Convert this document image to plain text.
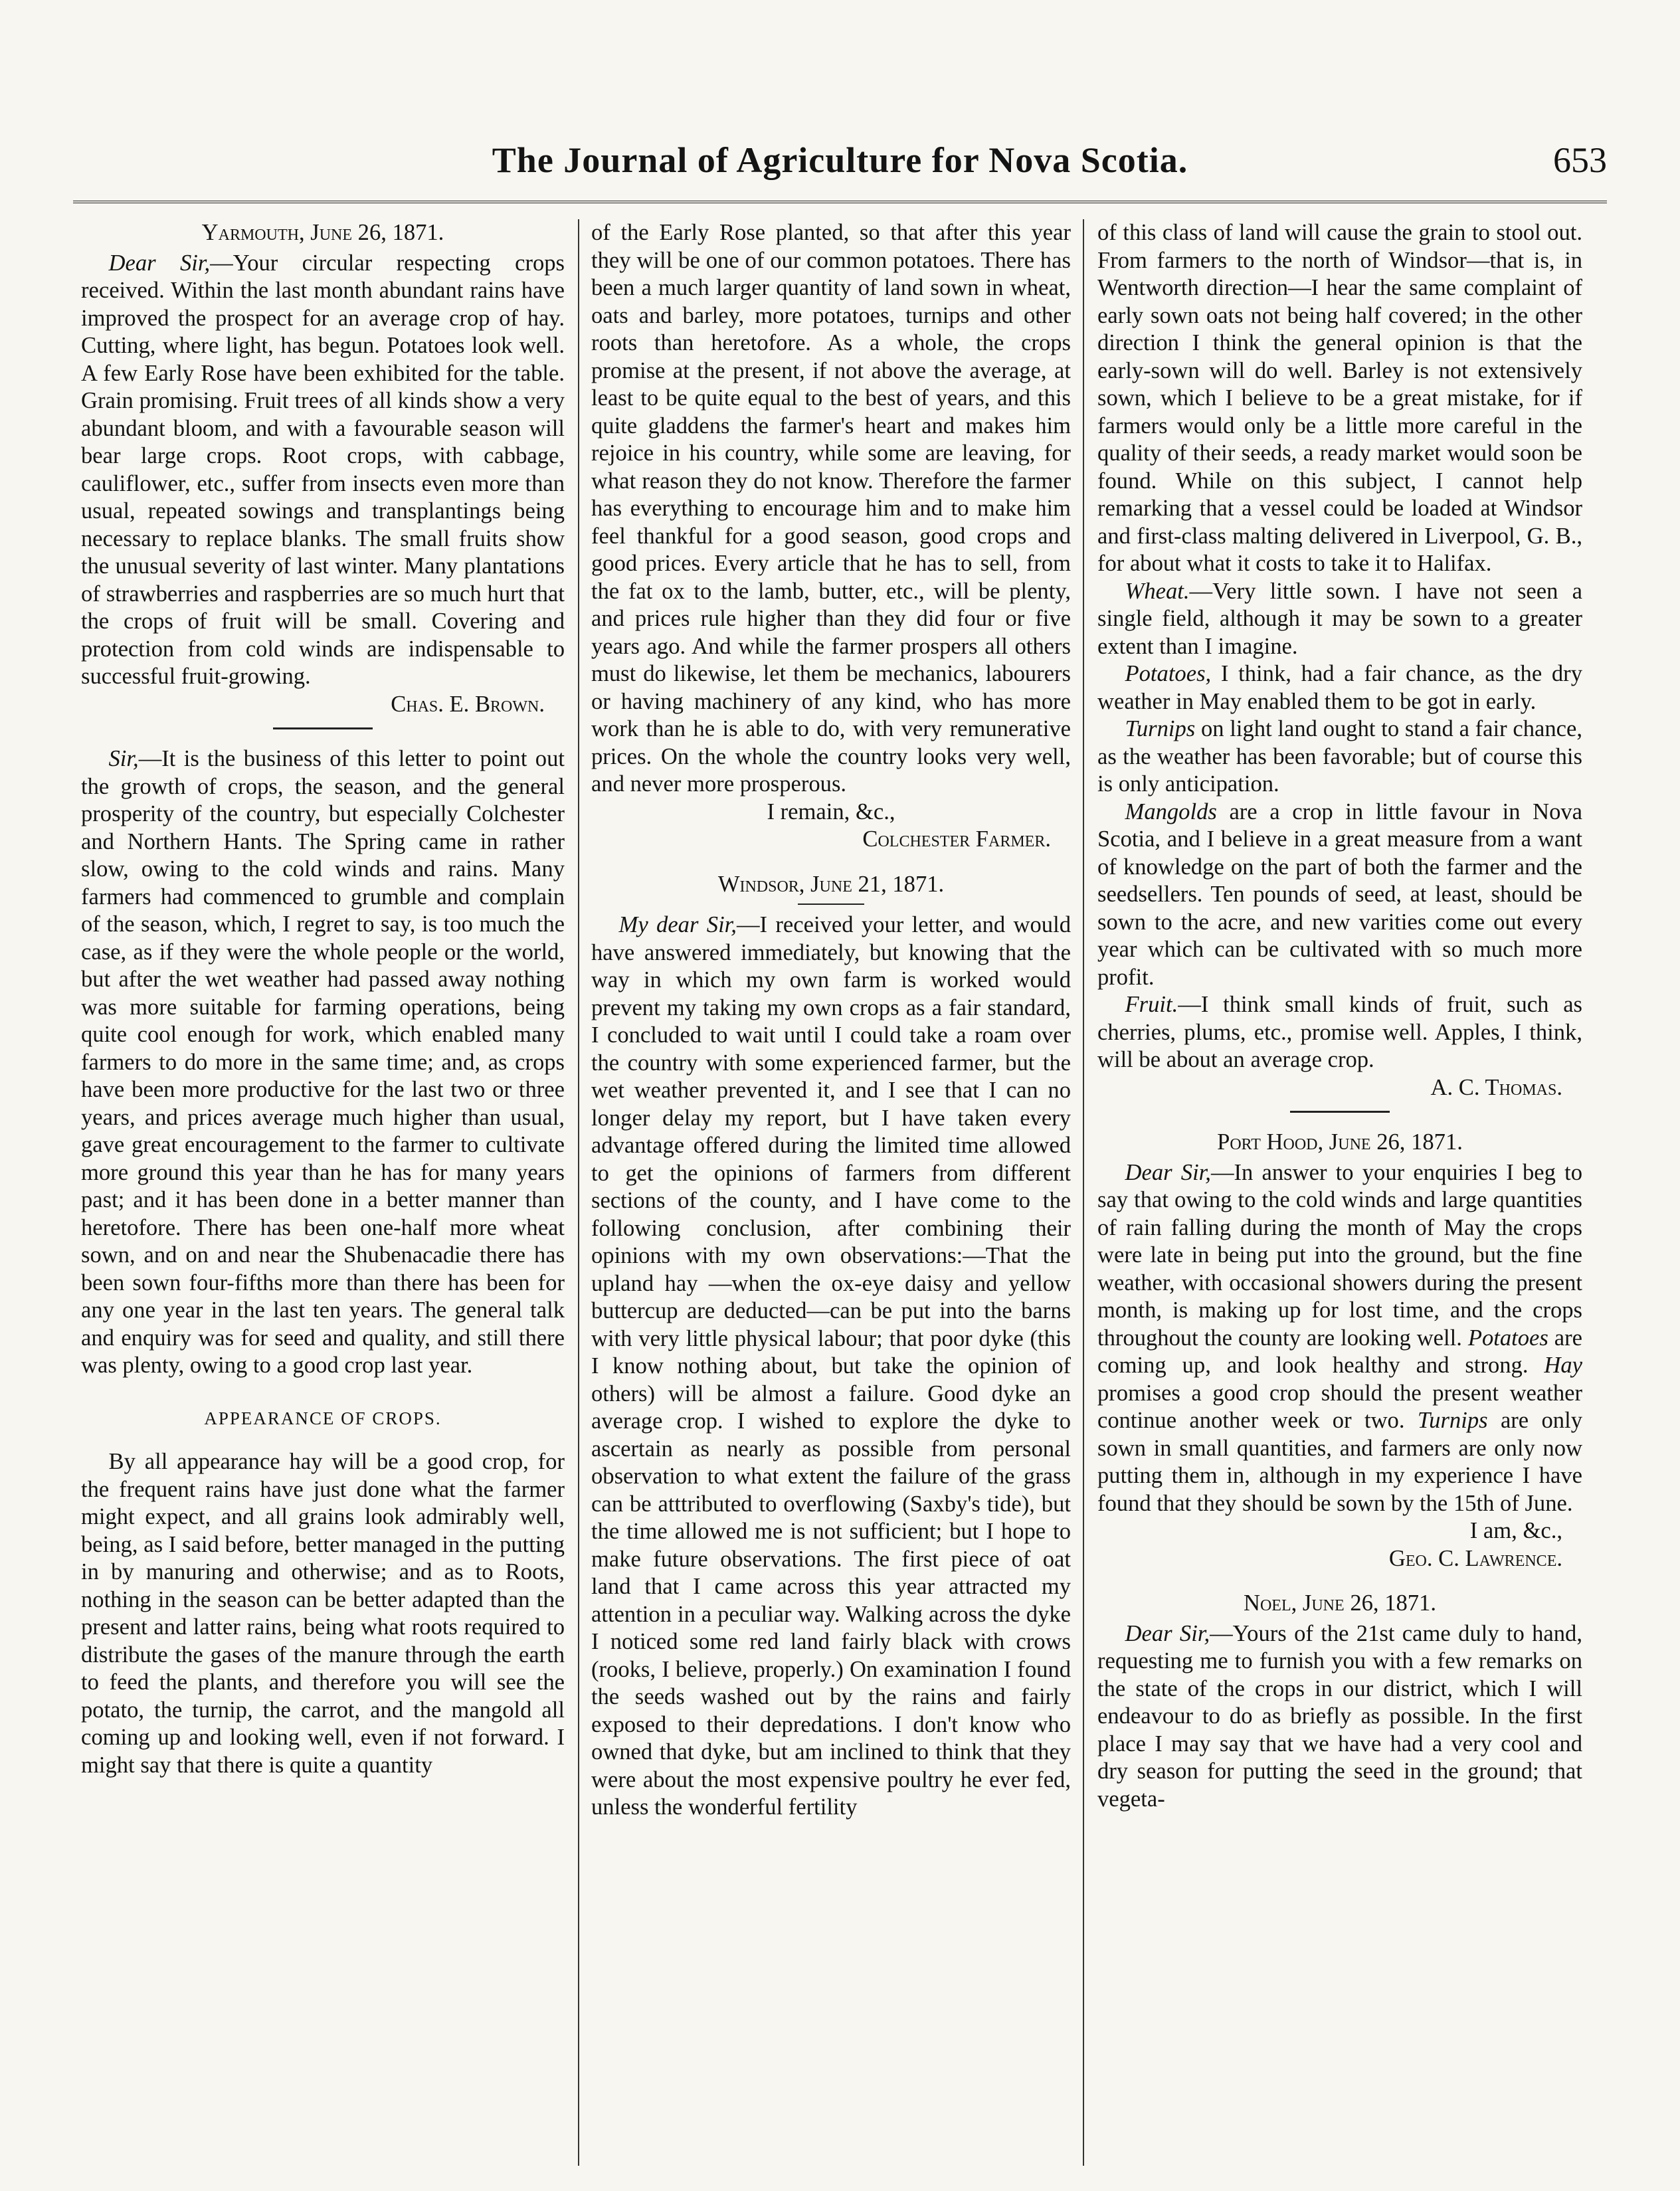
The Journal of Agriculture for Nova Scotia.	653

Yarmouth, June 26, 1871.

Dear Sir,—Your circular respecting crops received. Within the last month abundant rains have improved the prospect for an average crop of hay. Cutting, where light, has begun. Potatoes look well. A few Early Rose have been exhibited for the table. Grain promising. Fruit trees of all kinds show a very abundant bloom, and with a favourable season will bear large crops. Root crops, with cabbage, cauliflower, etc., suffer from insects even more than usual, repeated sowings and transplantings being necessary to replace blanks. The small fruits show the unusual severity of last winter. Many plantations of strawberries and raspberries are so much hurt that the crops of fruit will be small. Covering and protection from cold winds are indispensable to successful fruit-growing.

Chas. E. Brown.

Sir,—It is the business of this letter to point out the growth of crops, the season, and the general prosperity of the country, but especially Colchester and Northern Hants. The Spring came in rather slow, owing to the cold winds and rains. Many farmers had commenced to grumble and complain of the season, which, I regret to say, is too much the case, as if they were the whole people or the world, but after the wet weather had passed away nothing was more suitable for farming operations, being quite cool enough for work, which enabled many farmers to do more in the same time; and, as crops have been more productive for the last two or three years, and prices average much higher than usual, gave great encouragement to the farmer to cultivate more ground this year than he has for many years past; and it has been done in a better manner than heretofore. There has been one-half more wheat sown, and on and near the Shubenacadie there has been sown four-fifths more than there has been for any one year in the last ten years. The general talk and enquiry was for seed and quality, and still there was plenty, owing to a good crop last year.

APPEARANCE OF CROPS.

By all appearance hay will be a good crop, for the frequent rains have just done what the farmer might expect, and all grains look admirably well, being, as I said before, better managed in the putting in by manuring and otherwise; and as to Roots, nothing in the season can be better adapted than the present and latter rains, being what roots required to distribute the gases of the manure through the earth to feed the plants, and therefore you will see the potato, the turnip, the carrot, and the mangold all coming up and looking well, even if not forward. I might say that there is quite a quantity

of the Early Rose planted, so that after this year they will be one of our common potatoes. There has been a much larger quantity of land sown in wheat, oats and barley, more potatoes, turnips and other roots than heretofore. As a whole, the crops promise at the present, if not above the average, at least to be quite equal to the best of years, and this quite gladdens the farmer's heart and makes him rejoice in his country, while some are leaving, for what reason they do not know. Therefore the farmer has everything to encourage him and to make him feel thankful for a good season, good crops and good prices. Every article that he has to sell, from the fat ox to the lamb, butter, etc., will be plenty, and prices rule higher than they did four or five years ago. And while the farmer prospers all others must do likewise, let them be mechanics, labourers or having machinery of any kind, who has more work than he is able to do, with very remunerative prices. On the whole the country looks very well, and never more prosperous.

I remain, &c.,

Colchester Farmer.

Windsor, June 21, 1871.

My dear Sir,—I received your letter, and would have answered immediately, but knowing that the way in which my own farm is worked would prevent my taking my own crops as a fair standard, I concluded to wait until I could take a roam over the country with some experienced farmer, but the wet weather prevented it, and I see that I can no longer delay my report, but I have taken every advantage offered during the limited time allowed to get the opinions of farmers from different sections of the county, and I have come to the following conclusion, after combining their opinions with my own observations:—That the upland hay —when the ox-eye daisy and yellow buttercup are deducted—can be put into the barns with very little physical labour; that poor dyke (this I know nothing about, but take the opinion of others) will be almost a failure. Good dyke an average crop. I wished to explore the dyke to ascertain as nearly as possible from personal observation to what extent the failure of the grass can be atttributed to overflowing (Saxby's tide), but the time allowed me is not sufficient; but I hope to make future observations. The first piece of oat land that I came across this year attracted my attention in a peculiar way. Walking across the dyke I noticed some red land fairly black with crows (rooks, I believe, properly.) On examination I found the seeds washed out by the rains and fairly exposed to their depredations. I don't know who owned that dyke, but am inclined to think that they were about the most expensive poultry he ever fed, unless the wonderful fertility

of this class of land will cause the grain to stool out. From farmers to the north of Windsor—that is, in Wentworth direction—I hear the same complaint of early sown oats not being half covered; in the other direction I think the general opinion is that the early-sown will do well. Barley is not extensively sown, which I believe to be a great mistake, for if farmers would only be a little more careful in the quality of their seeds, a ready market would soon be found. While on this subject, I cannot help remarking that a vessel could be loaded at Windsor and first-class malting delivered in Liverpool, G. B., for about what it costs to take it to Halifax.

Wheat.—Very little sown. I have not seen a single field, although it may be sown to a greater extent than I imagine.

Potatoes, I think, had a fair chance, as the dry weather in May enabled them to be got in early.

Turnips on light land ought to stand a fair chance, as the weather has been favorable; but of course this is only anticipation.

Mangolds are a crop in little favour in Nova Scotia, and I believe in a great measure from a want of knowledge on the part of both the farmer and the seedsellers. Ten pounds of seed, at least, should be sown to the acre, and new varities come out every year which can be cultivated with so much more profit.

Fruit.—I think small kinds of fruit, such as cherries, plums, etc., promise well. Apples, I think, will be about an average crop.

A. C. Thomas.

Port Hood, June 26, 1871.

Dear Sir,—In answer to your enquiries I beg to say that owing to the cold winds and large quantities of rain falling during the month of May the crops were late in being put into the ground, but the fine weather, with occasional showers during the present month, is making up for lost time, and the crops throughout the county are looking well. Potatoes are coming up, and look healthy and strong. Hay promises a good crop should the present weather continue another week or two. Turnips are only sown in small quantities, and farmers are only now putting them in, although in my experience I have found that they should be sown by the 15th of June.

I am, &c.,

Geo. C. Lawrence.

Noel, June 26, 1871.

Dear Sir,—Yours of the 21st came duly to hand, requesting me to furnish you with a few remarks on the state of the crops in our district, which I will endeavour to do as briefly as possible. In the first place I may say that we have had a very cool and dry season for putting the seed in the ground; that vegeta-
